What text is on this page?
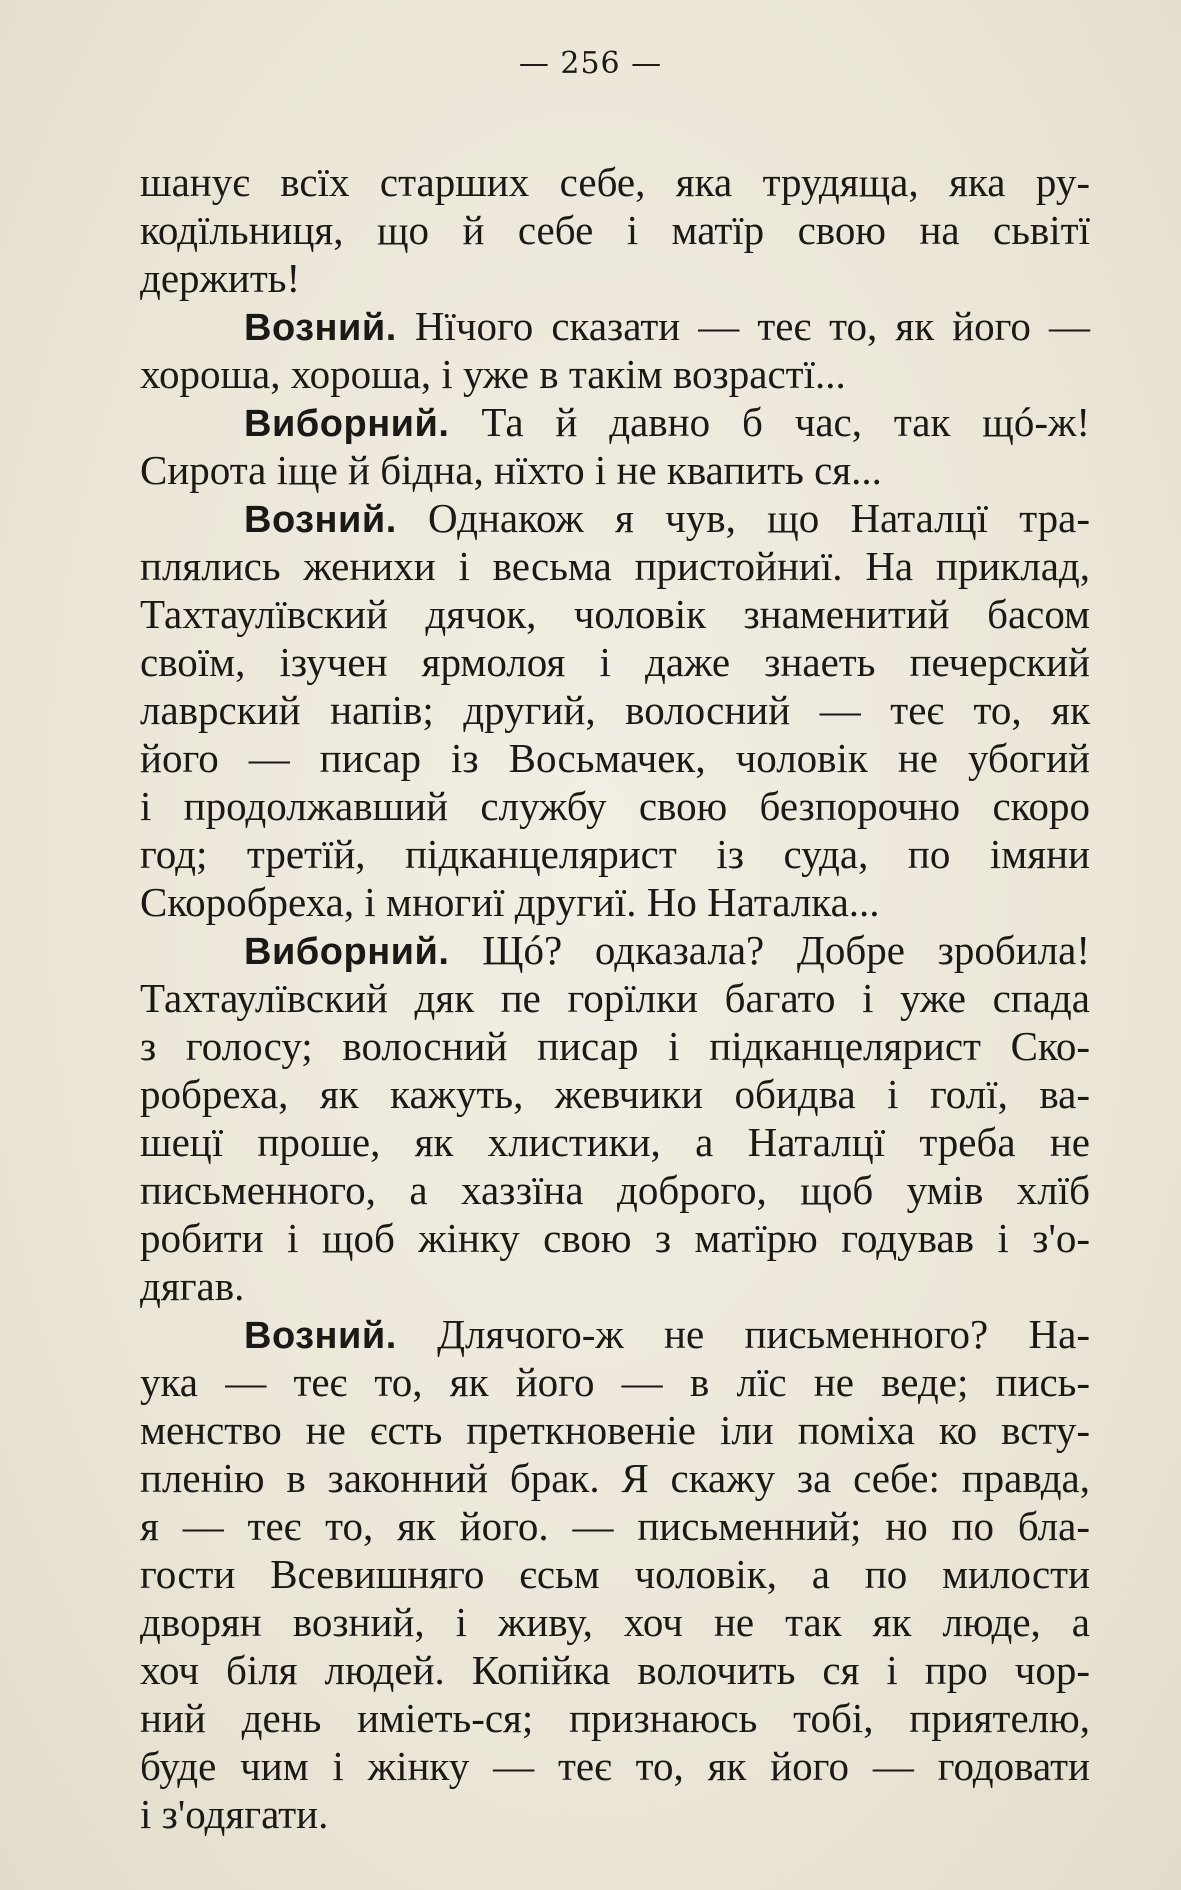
— 256 —
шанує всїх старших себе, яка трудяща, яка ру-
кодїльниця, що й себе і матїр свою на сьвітї
держить!
Возний. Нїчого сказати — теє то, як його —
хороша, хороша, і уже в такім возрастї...
Виборний. Та й давно б час, так щó-ж!
Сирота іще й бідна, нїхто і не квапить ся...
Возний. Однакож я чув, що Наталцї тра-
плялись женихи і весьма пристойниї. На приклад,
Тахтаулївский дячок, чоловік знаменитий басом
своїм, ізучен ярмолоя і даже знаеть печерский
лаврский напів; другий, волосний — теє то, як
його — писар із Восьмачек, чоловік не убогий
і продолжавший службу свою безпорочно скоро
год; третїй, підканцелярист із суда, по імяни
Скоробреха, і многиї другиї. Но Наталка...
Виборний. Щó? одказала? Добре зробила!
Тахтаулївский дяк пе горїлки багато і уже спада
з голосу; волосний писар і підканцелярист Ско-
робреха, як кажуть, жевчики обидва і голї, ва-
шецї проше, як хлистики, а Наталцї треба не
письменного, а хаззїна доброго, щоб умів хлїб
робити і щоб жінку свою з матїрю годував і з'о-
дягав.
Возний. Длячого-ж не письменного? На-
ука — теє то, як його — в лїс не веде; пись-
менство не єсть преткновеніе іли поміха ко всту-
пленію в законний брак. Я скажу за себе: правда,
я — теє то, як його. — письменний; но по бла-
гости Всевишняго єсьм чоловік, а по милости
дворян возний, і живу, хоч не так як люде, а
хоч біля людей. Копійка волочить ся і про чор-
ний день иміеть-ся; признаюсь тобі, приятелю,
буде чим і жінку — теє то, як його — годовати
і з'одягати.
